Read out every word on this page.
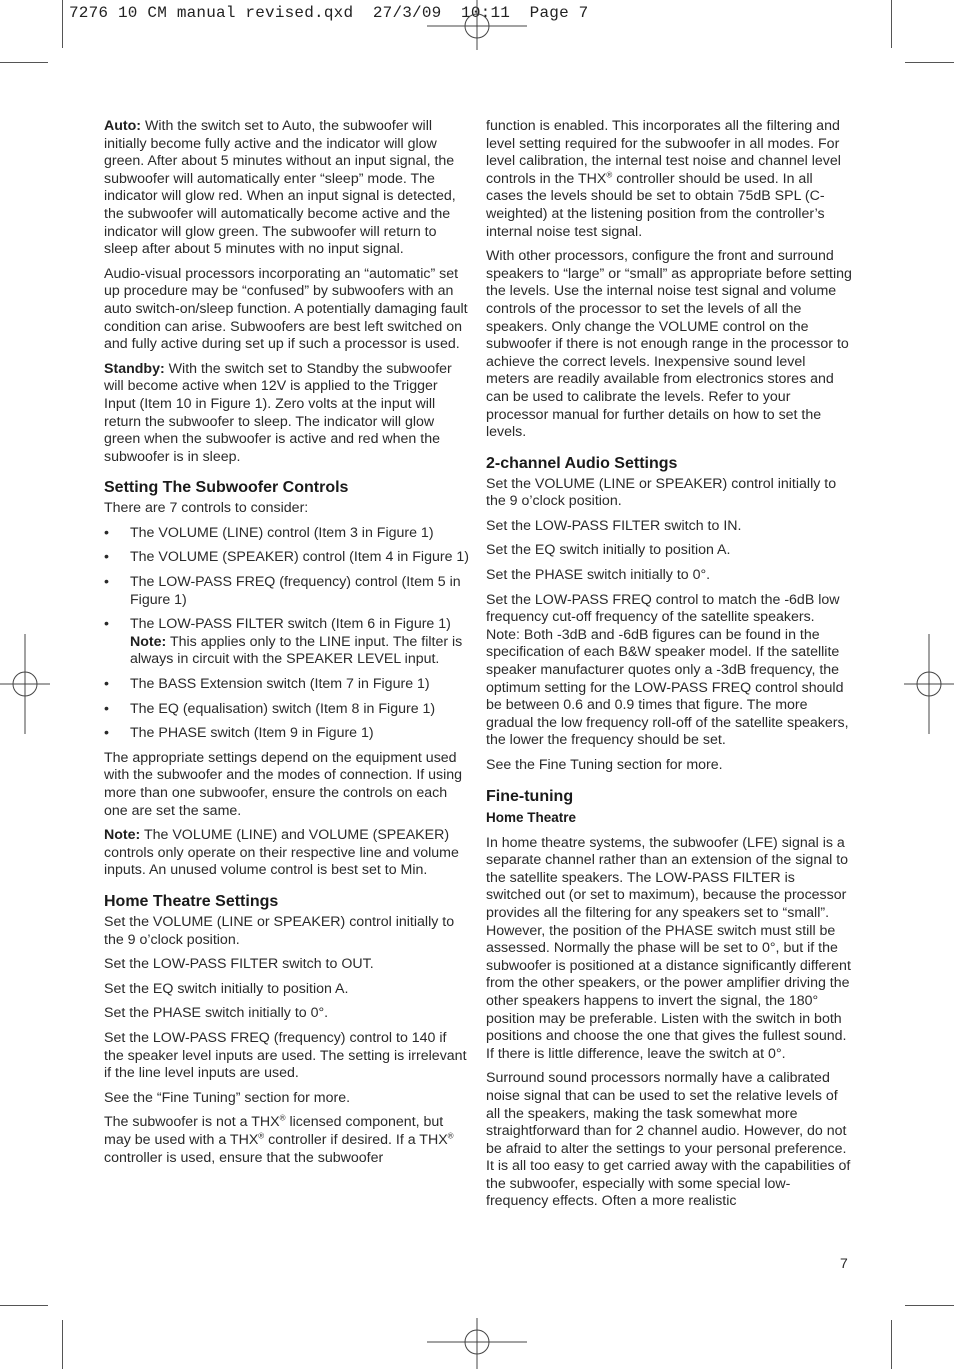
7276 10 CM manual revised.qxd  27/3/09  10:11  Page 7

Auto: With the switch set to Auto, the subwoofer will initially become fully active and the indicator will glow green. After about 5 minutes without an input signal, the subwoofer will automatically enter “sleep” mode. The indicator will glow red. When an input signal is detected, the subwoofer will automatically become active and the indicator will glow green. The subwoofer will return to sleep after about 5 minutes with no input signal.

Audio-visual processors incorporating an “automatic” set up procedure may be “confused” by subwoofers with an auto switch-on/sleep function. A potentially damaging fault condition can arise. Subwoofers are best left switched on and fully active during set up if such a processor is used.

Standby: With the switch set to Standby the subwoofer will become active when 12V is applied to the Trigger Input (Item 10 in Figure 1). Zero volts at the input will return the subwoofer to sleep. The indicator will glow green when the subwoofer is active and red when the subwoofer is in sleep.

Setting The Subwoofer Controls

There are 7 controls to consider:

• The VOLUME (LINE) control (Item 3 in Figure 1)
• The VOLUME (SPEAKER) control (Item 4 in Figure 1)
• The LOW-PASS FREQ (frequency) control (Item 5 in Figure 1)
• The LOW-PASS FILTER switch (Item 6 in Figure 1)
Note: This applies only to the LINE input. The filter is always in circuit with the SPEAKER LEVEL input.
• The BASS Extension switch (Item 7 in Figure 1)
• The EQ (equalisation) switch (Item 8 in Figure 1)
• The PHASE switch (Item 9 in Figure 1)

The appropriate settings depend on the equipment used with the subwoofer and the modes of connection. If using more than one subwoofer, ensure the controls on each one are set the same.

Note: The VOLUME (LINE) and VOLUME (SPEAKER) controls only operate on their respective line and volume inputs. An unused volume control is best set to Min.

Home Theatre Settings

Set the VOLUME (LINE or SPEAKER) control initially to the 9 o’clock position.

Set the LOW-PASS FILTER switch to OUT.

Set the EQ switch initially to position A.

Set the PHASE switch initially to 0°.

Set the LOW-PASS FREQ (frequency) control to 140 if the speaker level inputs are used. The setting is irrelevant if the line level inputs are used.

See the “Fine Tuning” section for more.

The subwoofer is not a THX® licensed component, but may be used with a THX® controller if desired. If a THX® controller is used, ensure that the subwoofer

function is enabled. This incorporates all the filtering and level setting required for the subwoofer in all modes. For level calibration, the internal test noise and channel level controls in the THX® controller should be used. In all cases the levels should be set to obtain 75dB SPL (C-weighted) at the listening position from the controller’s internal noise test signal.

With other processors, configure the front and surround speakers to “large” or “small” as appropriate before setting the levels. Use the internal noise test signal and volume controls of the processor to set the levels of all the speakers. Only change the VOLUME control on the subwoofer if there is not enough range in the processor to achieve the correct levels. Inexpensive sound level meters are readily available from electronics stores and can be used to calibrate the levels. Refer to your processor manual for further details on how to set the levels.

2-channel Audio Settings

Set the VOLUME (LINE or SPEAKER) control initially to the 9 o’clock position.

Set the LOW-PASS FILTER switch to IN.

Set the EQ switch initially to position A.

Set the PHASE switch initially to 0°.

Set the LOW-PASS FREQ control to match the -6dB low frequency cut-off frequency of the satellite speakers. Note: Both -3dB and -6dB figures can be found in the specification of each B&W speaker model. If the satellite speaker manufacturer quotes only a -3dB frequency, the optimum setting for the LOW-PASS FREQ control should be between 0.6 and 0.9 times that figure. The more gradual the low frequency roll-off of the satellite speakers, the lower the frequency should be set.

See the Fine Tuning section for more.

Fine-tuning
Home Theatre

In home theatre systems, the subwoofer (LFE) signal is a separate channel rather than an extension of the signal to the satellite speakers. The LOW-PASS FILTER is switched out (or set to maximum), because the processor provides all the filtering for any speakers set to “small”. However, the position of the PHASE switch must still be assessed. Normally the phase will be set to 0°, but if the subwoofer is positioned at a distance significantly different from the other speakers, or the power amplifier driving the other speakers happens to invert the signal, the 180° position may be preferable. Listen with the switch in both positions and choose the one that gives the fullest sound. If there is little difference, leave the switch at 0°.

Surround sound processors normally have a calibrated noise signal that can be used to set the relative levels of all the speakers, making the task somewhat more straightforward than for 2 channel audio. However, do not be afraid to alter the settings to your personal preference. It is all too easy to get carried away with the capabilities of the subwoofer, especially with some special low-frequency effects. Often a more realistic

7
